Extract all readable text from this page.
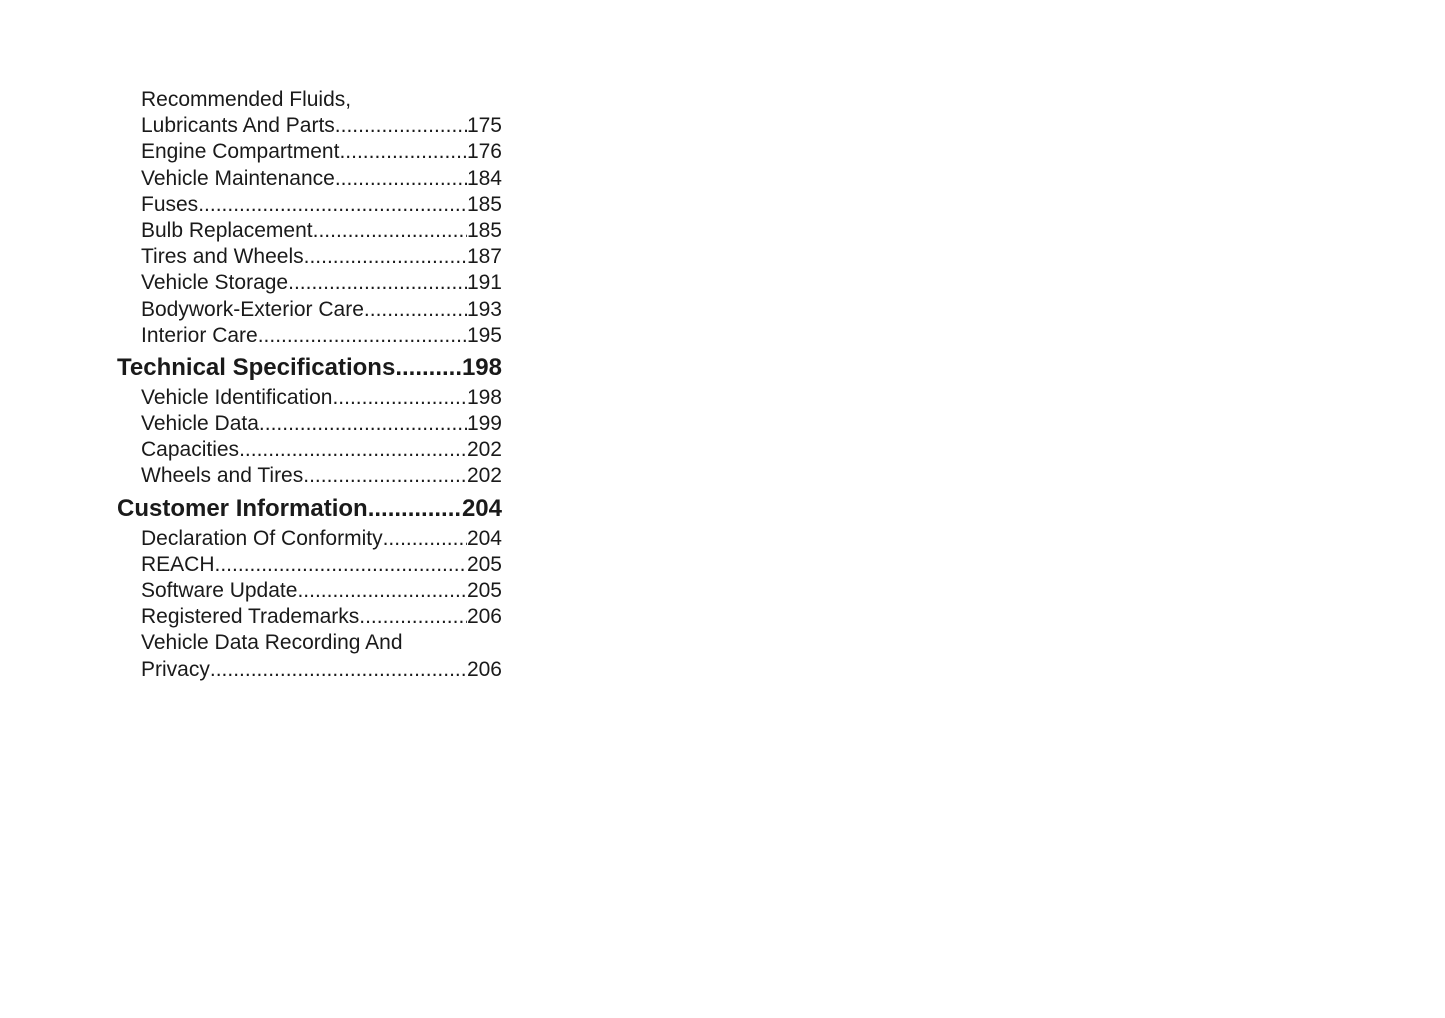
Recommended Fluids,
Lubricants And Parts .....	175
Engine Compartment .....	176
Vehicle Maintenance .....	184
Fuses .....	185
Bulb Replacement .....	185
Tires and Wheels .....	187
Vehicle Storage .....	191
Bodywork-Exterior Care .....	193
Interior Care .....	195
Technical Specifications .....	198
Vehicle Identification .....	198
Vehicle Data .....	199
Capacities .....	202
Wheels and Tires .....	202
Customer Information .....	204
Declaration Of Conformity .....	204
REACH .....	205
Software Update .....	205
Registered Trademarks .....	206
Vehicle Data Recording And
Privacy .....	206
